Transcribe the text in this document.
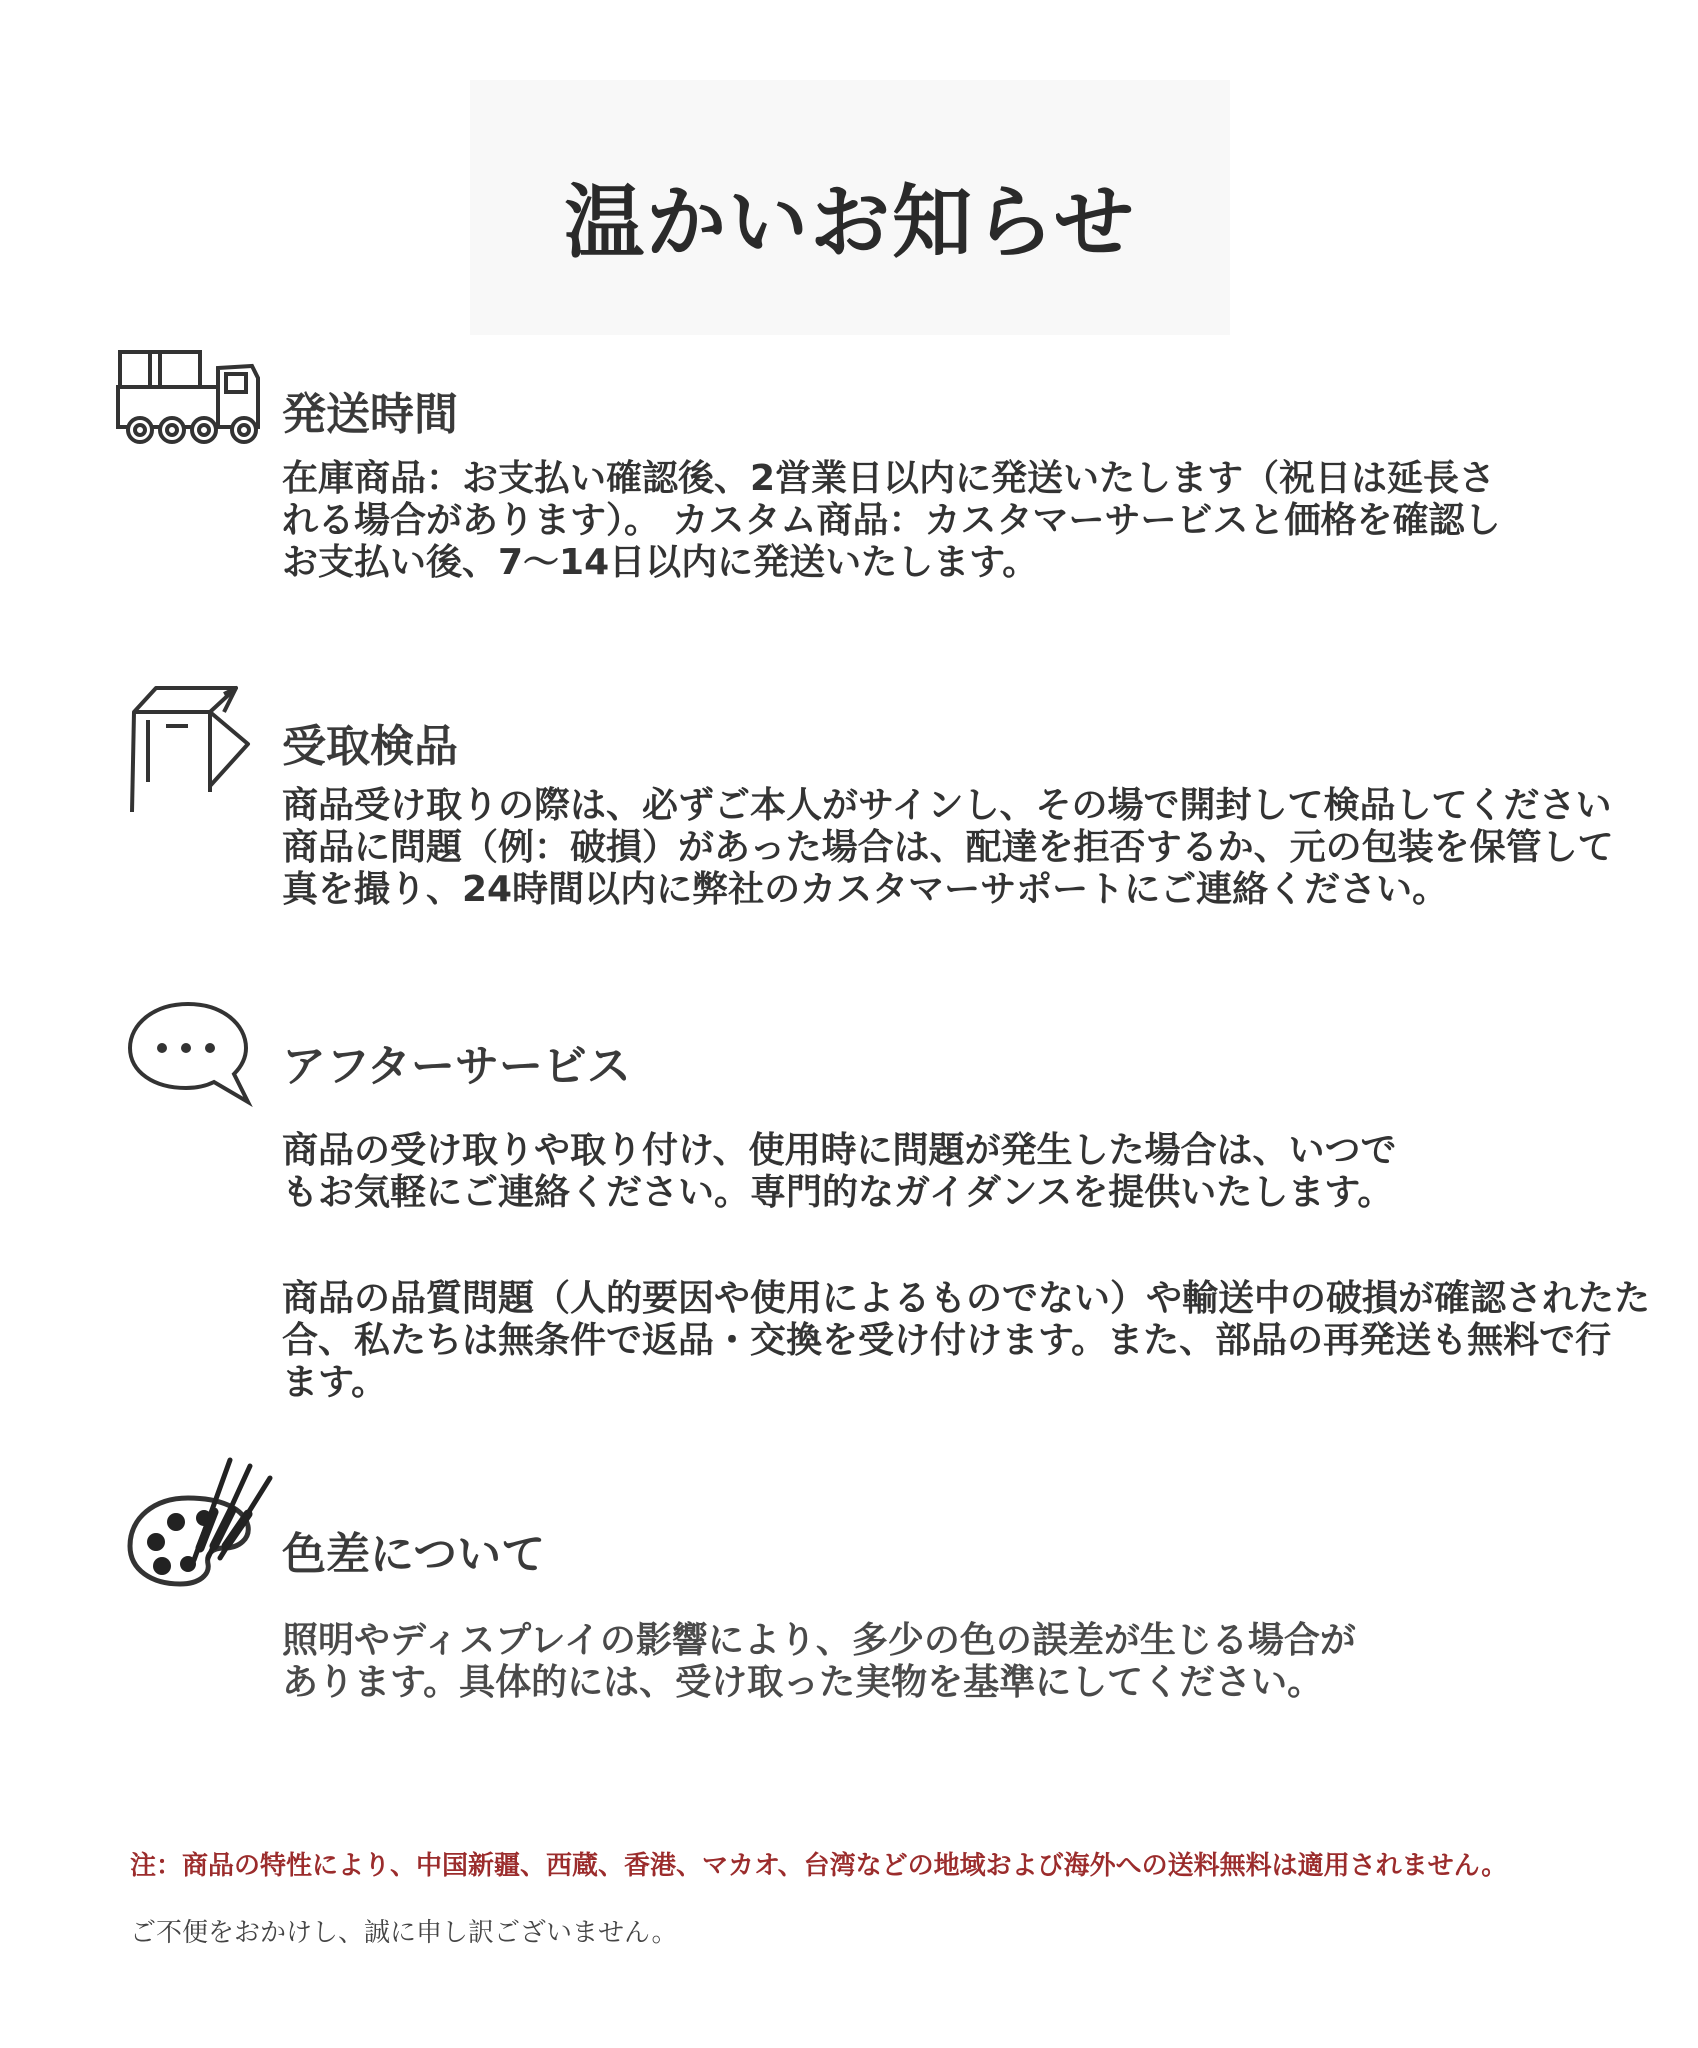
温かいお知らせ
発送時間
在庫商品：お支払い確認後、2営業日以内に発送いたします（祝日は延長さ
れる場合があります）。 カスタム商品：カスタマーサービスと価格を確認し
お支払い後、7〜14日以内に発送いたします。
受取検品
商品受け取りの際は、必ずご本人がサインし、その場で開封して検品してください
商品に問題（例：破損）があった場合は、配達を拒否するか、元の包装を保管して
真を撮り、24時間以内に弊社のカスタマーサポートにご連絡ください。
アフターサービス
商品の受け取りや取り付け、使用時に問題が発生した場合は、いつで
もお気軽にご連絡ください。専門的なガイダンスを提供いたします。
商品の品質問題（人的要因や使用によるものでない）や輸送中の破損が確認されたた
合、私たちは無条件で返品・交換を受け付けます。また、部品の再発送も無料で行
ます。
色差について
照明やディスプレイの影響により、多少の色の誤差が生じる場合が
あります。具体的には、受け取った実物を基準にしてください。
注：商品の特性により、中国新疆、西蔵、香港、マカオ、台湾などの地域および海外への送料無料は適用されません。
ご不便をおかけし、誠に申し訳ございません。
